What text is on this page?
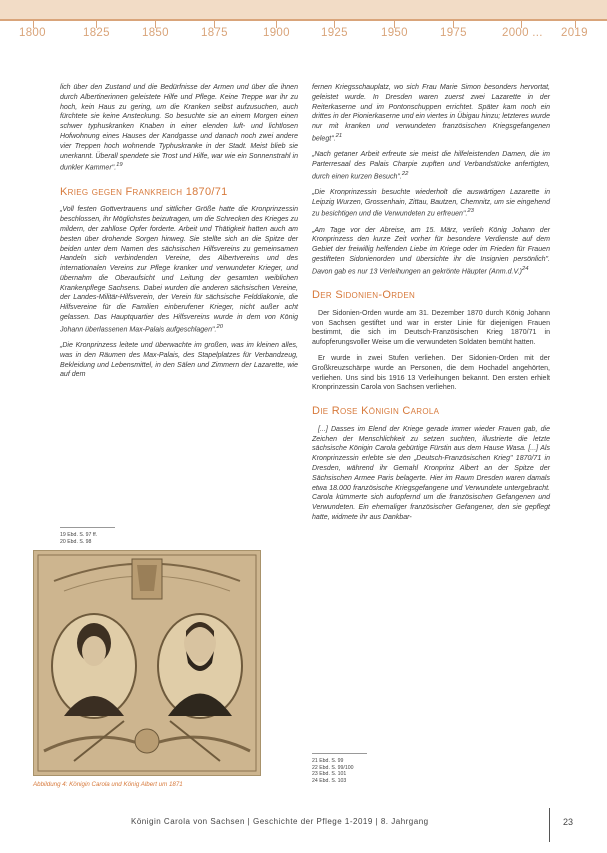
1800	1825	1850	1875	1900	1925	1950	1975	2000 ... 2019

lich über den Zustand und die Bedürfnisse der Armen und über die ihnen durch Albertinerinnen geleistete Hilfe und Pflege. Keine Treppe war ihr zu hoch, kein Haus zu gering, um die Kranken selbst aufzusuchen, auch fürchtete sie keine Ansteckung. So besuchte sie an einem Morgen einen schwer typhuskranken Knaben in einer elenden luft- und lichtlosen Hofwohnung eines Hauses der Kandgasse und danach noch zwei andere vier Treppen hoch wohnende Typhuskranke in der Stadt. Meist blieb sie unerkannt. Überall spendete sie Trost und Hilfe, war wie ein Sonnenstrahl in dunkler Kammer".$^{19}$

Krieg gegen Frankreich 1870/71

„Voll festen Gottvertrauens und sittlicher Größe hatte die Kronprinzessin beschlossen, ihr Möglichstes beizutragen, um die Schrecken des Krieges zu mildern, der zahllose Opfer forderte. Arbeit und Thätigkeit hatten auch am besten über drohende Sorgen hinweg. Sie stellte sich an die Spitze der beiden unter dem Namen des sächsischen Hilfsvereins zu gemeinsamen Handeln sich verbindenden Vereine, des Albertvereins und des internationalen Vereins zur Pflege kranker und verwundeter Krieger, und übernahm die Oberaufsicht und Leitung der gesamten weiblichen Krankenpflege Sachsens. Dabei wurden die anderen sächsischen Vereine, der Landes-Militär-Hilfsverein, der Verein für sächsische Felddiakonie, die Hilfsvereine für die Familien einberufener Krieger, nicht außer acht gelassen. Das Hauptquartier des Hilfsvereins wurde in dem von König Johann überlassenen Max-Palais aufgeschlagen".$^{20}$

„Die Kronprinzess leitete und überwachte im großen, was im kleinen alles, was in den Räumen des Max-Palais, des Stapelplatzes für Verbandzeug, Bekleidung und Lebensmittel, in den Sälen und Zimmern der Lazarette, wie auf dem

19 Ebd. S. 97 ff.
20 Ebd. S. 98
Abbildung 4: Königin Carola und König Albert um 1871

fernen Kriegsschauplatz, wo sich Frau Marie Simon besonders hervortat, geleistet wurde. In Dresden waren zuerst zwei Lazarette in der Reiterkaserne und im Pontonschuppen errichtet. Später kam noch ein drittes in der Pionierkaserne und ein viertes in Übigau hinzu; letzteres wurde nur mit kranken und verwundeten französischen Kriegsgefangenen belegt".$^{21}$

„Nach getaner Arbeit erfreute sie meist die hilfeleistenden Damen, die im Parterresaal des Palais Charpie zupften und Verbandstücke anfertigten, durch einen kurzen Besuch".$^{22}$

„Die Kronprinzessin besuchte wiederholt die auswärtigen Lazarette in Leipzig Wurzen, Grossenhain, Zittau, Bautzen, Chemnitz, um sie eingehend zu besichtigen und die Verwundeten zu erfreuen".$^{23}$

„Am Tage vor der Abreise, am 15. März, verlieh König Johann der Kronprinzess den kurze Zeit vorher für besondere Verdienste auf dem Gebiet der freiwillig helfenden Liebe im Kriege oder im Frieden für Frauen gestifteten Sidonienorden und übersichte ihr die Insignien persönlich". Davon gab es nur 13 Verleihungen an gekrönte Häupter $(Anm.d.V.)^{24}$

Der Sidonien-Orden

Der Sidonien-Orden wurde am 31. Dezember 1870 durch König Johann von Sachsen gestiftet und war in erster Linie für diejenigen Frauen bestimmt, die sich im Deutsch-Französischen Krieg 1870/71 in aufopferungsvoller Weise um die verwundeten Soldaten bemüht hatten.

Er wurde in zwei Stufen verliehen. Der Sidonien-Orden mit der Großkreuzschärpe wurde an Personen, die dem Hochadel angehörten, verliehen. Uns sind bis 1916 13 Verleihungen bekannt. Den ersten erhielt Kronprinzessin Carola von Sachsen verliehen.

Die Rose Königin Carola

[...] Dasses im Elend der Kriege gerade immer wieder Frauen gab, die Zeichen der Menschlichkeit zu setzen suchten, illustrierte die letzte sächsische Königin Carola gebürtige Fürstin aus dem Hause Wasa. [...] Als Kronprinzessin erlebte sie den „Deutsch-Französischen Krieg" 1870/71 in Dresden, während ihr Gemahl Kronprinz Albert an der Spitze der Sächsischen Armee Paris belagerte. Hier im Raum Dresden waren damals etwa 18.000 französische Kriegsgefangene und Verwundete untergebracht. Carola kümmerte sich aufopfernd um die französischen Gefangenen und Verwundeten. Ein ehemaliger französischer Gefangener, den sie gepflegt hatte, widmete ihr aus Dankbar-

21 Ebd. S. 99
22 Ebd. S. 99/100
23 Ebd. S. 101
24 Ebd. S. 103
Königin Carola von Sachsen | Geschichte der Pflege 1-2019 | 8. Jahrgang	23
